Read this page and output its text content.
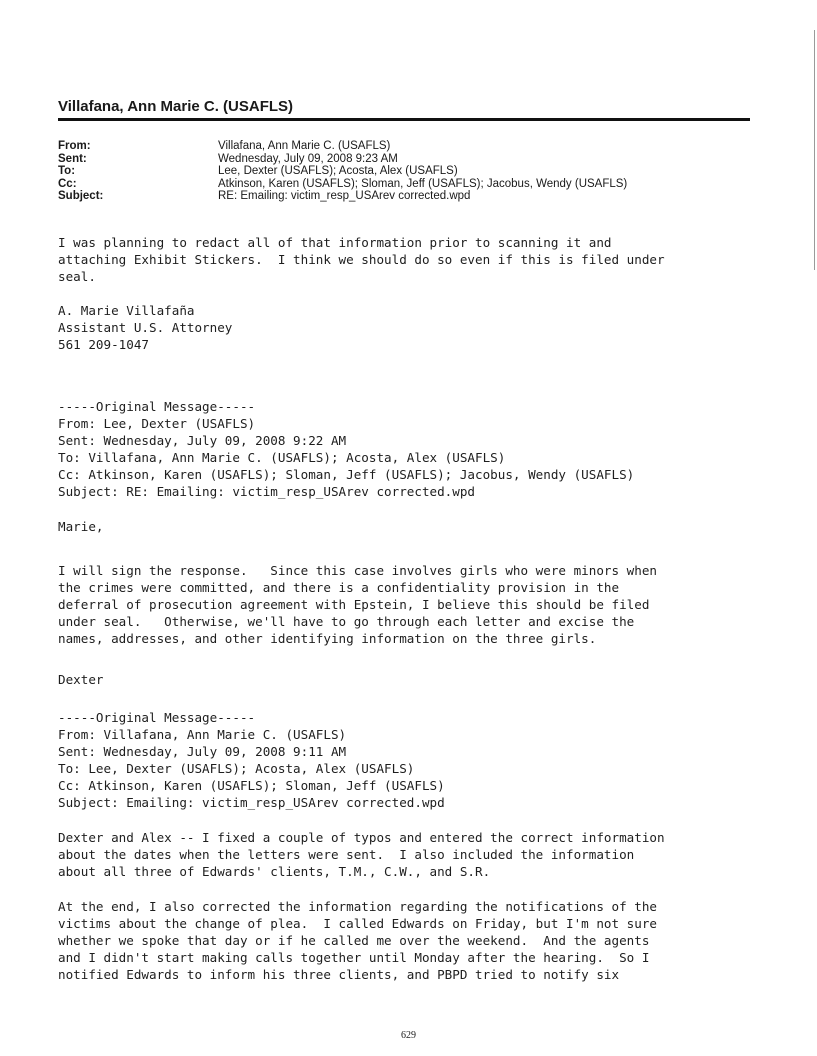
Villafana, Ann Marie C. (USAFLS)
From:	Villafana, Ann Marie C. (USAFLS)
Sent:	Wednesday, July 09, 2008 9:23 AM
To:	Lee, Dexter (USAFLS); Acosta, Alex (USAFLS)
Cc:	Atkinson, Karen (USAFLS); Sloman, Jeff (USAFLS); Jacobus, Wendy (USAFLS)
Subject:	RE: Emailing: victim_resp_USArev corrected.wpd
I was planning to redact all of that information prior to scanning it and
attaching Exhibit Stickers.  I think we should do so even if this is filed under
seal.
A. Marie Villafaña
Assistant U.S. Attorney
561 209-1047
-----Original Message-----
From: Lee, Dexter (USAFLS)
Sent: Wednesday, July 09, 2008 9:22 AM
To: Villafana, Ann Marie C. (USAFLS); Acosta, Alex (USAFLS)
Cc: Atkinson, Karen (USAFLS); Sloman, Jeff (USAFLS); Jacobus, Wendy (USAFLS)
Subject: RE: Emailing: victim_resp_USArev corrected.wpd
Marie,
I will sign the response.   Since this case involves girls who were minors when
the crimes were committed, and there is a confidentiality provision in the
deferral of prosecution agreement with Epstein, I believe this should be filed
under seal.   Otherwise, we'll have to go through each letter and excise the
names, addresses, and other identifying information on the three girls.
Dexter
-----Original Message-----
From: Villafana, Ann Marie C. (USAFLS)
Sent: Wednesday, July 09, 2008 9:11 AM
To: Lee, Dexter (USAFLS); Acosta, Alex (USAFLS)
Cc: Atkinson, Karen (USAFLS); Sloman, Jeff (USAFLS)
Subject: Emailing: victim_resp_USArev corrected.wpd
Dexter and Alex -- I fixed a couple of typos and entered the correct information
about the dates when the letters were sent.  I also included the information
about all three of Edwards' clients, T.M., C.W., and S.R.
At the end, I also corrected the information regarding the notifications of the
victims about the change of plea.  I called Edwards on Friday, but I'm not sure
whether we spoke that day or if he called me over the weekend.  And the agents
and I didn't start making calls together until Monday after the hearing.  So I
notified Edwards to inform his three clients, and PBPD tried to notify six
629
